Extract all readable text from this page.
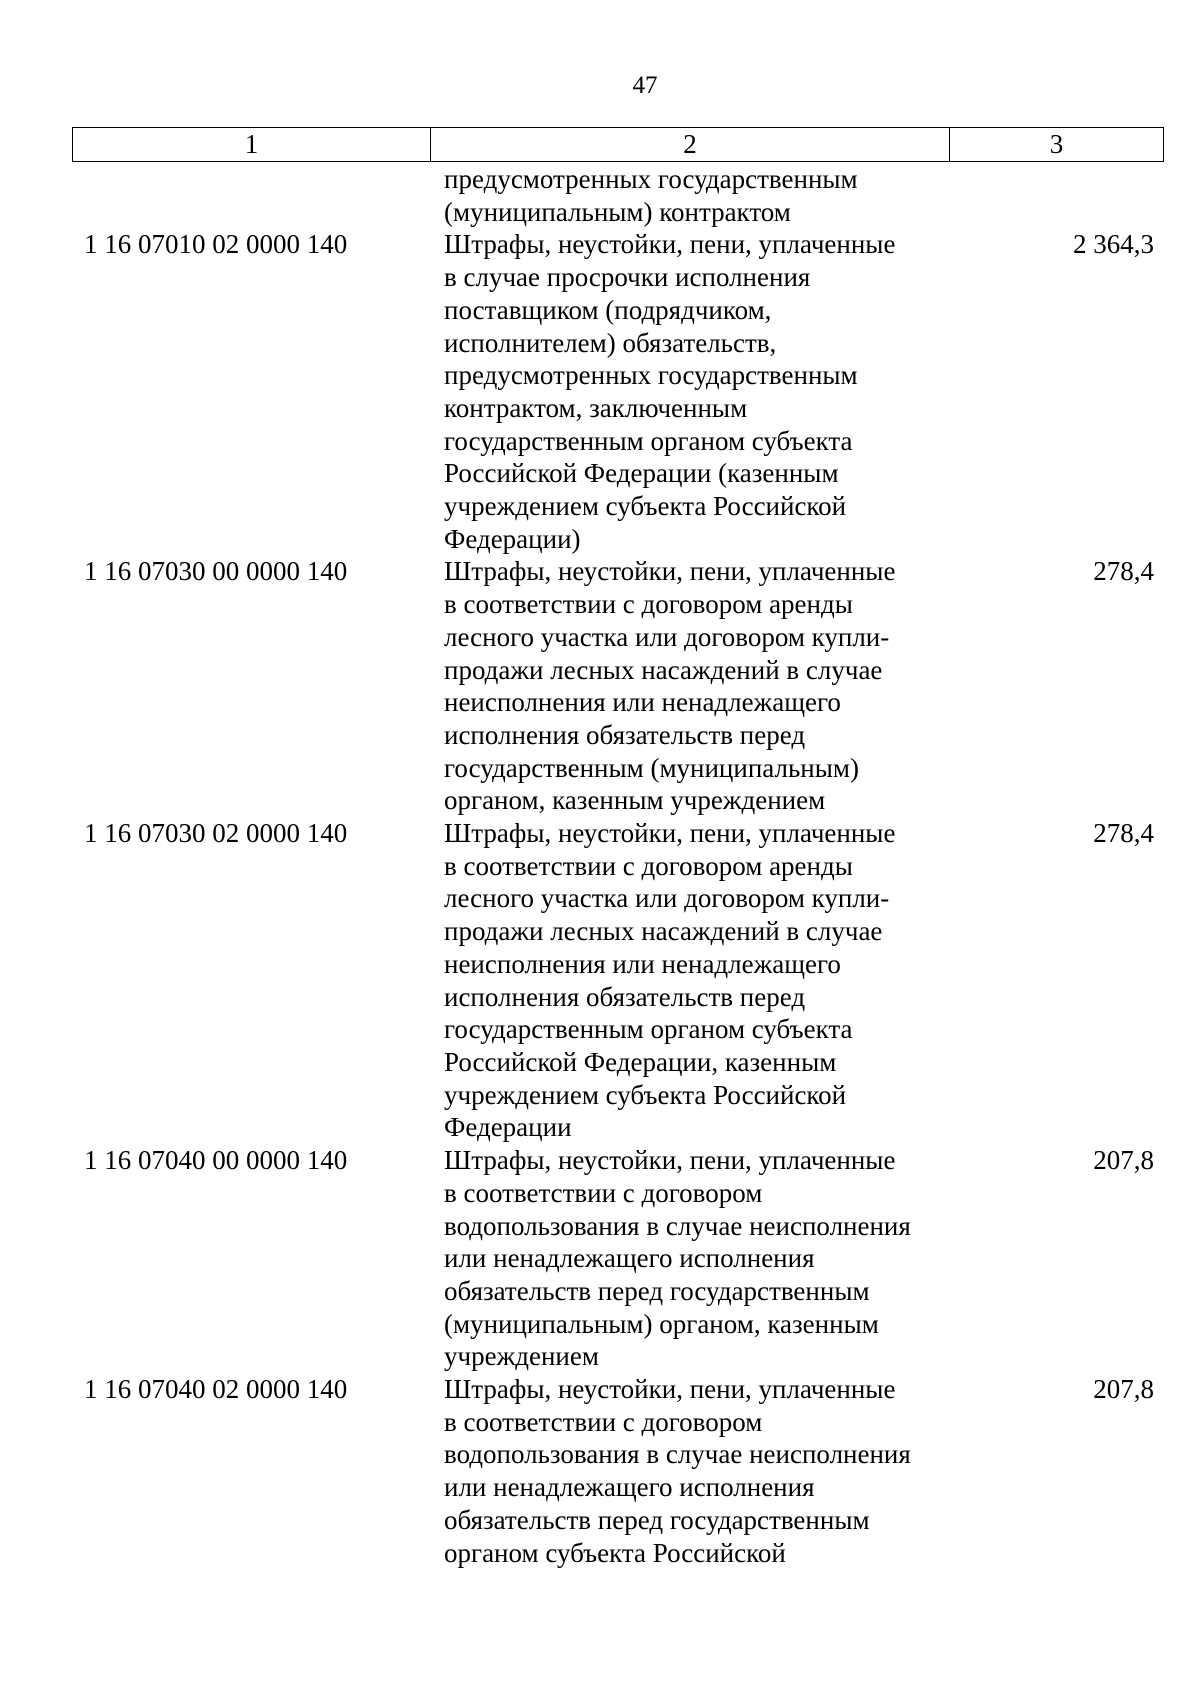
47
1	2	3
предусмотренных государственным
(муниципальным) контрактом
1 16 07010 02 0000 140	Штрафы, неустойки, пени, уплаченные
в случае просрочки исполнения
поставщиком (подрядчиком,
исполнителем) обязательств,
предусмотренных государственным
контрактом, заключенным
государственным органом субъекта
Российской Федерации (казенным
учреждением субъекта Российской
Федерации)
2 364,3
1 16 07030 00 0000 140	Штрафы, неустойки, пени, уплаченные
в соответствии с договором аренды
лесного участка или договором купли-
продажи лесных насаждений в случае
неисполнения или ненадлежащего
исполнения обязательств перед
государственным (муниципальным)
органом, казенным учреждением
278,4
1 16 07030 02 0000 140	Штрафы, неустойки, пени, уплаченные
в соответствии с договором аренды
лесного участка или договором купли-
продажи лесных насаждений в случае
неисполнения или ненадлежащего
исполнения обязательств перед
государственным органом субъекта
Российской Федерации, казенным
учреждением субъекта Российской
Федерации
278,4
1 16 07040 00 0000 140	Штрафы, неустойки, пени, уплаченные
в соответствии с договором
водопользования в случае неисполнения
или ненадлежащего исполнения
обязательств перед государственным
(муниципальным) органом, казенным
учреждением
207,8
1 16 07040 02 0000 140	Штрафы, неустойки, пени, уплаченные
в соответствии с договором
водопользования в случае неисполнения
или ненадлежащего исполнения
обязательств перед государственным
органом субъекта Российской
207,8
